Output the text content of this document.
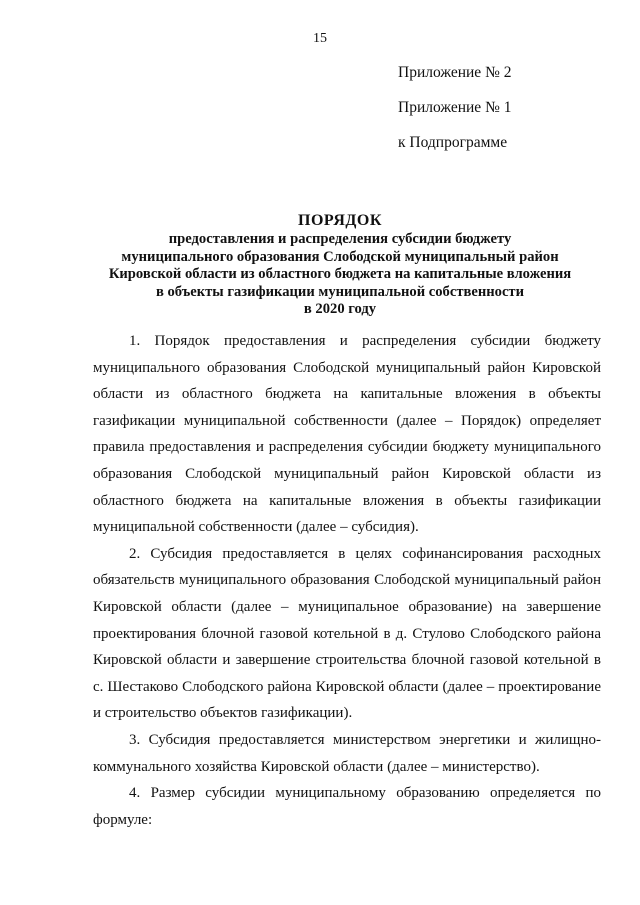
15
Приложение № 2
Приложение № 1
к Подпрограмме
ПОРЯДОК
предоставления и распределения субсидии бюджету
муниципального образования Слободской муниципальный район
Кировской области из областного бюджета на капитальные вложения
в объекты газификации муниципальной собственности
в 2020 году

1. Порядок предоставления и распределения субсидии бюджету муниципального образования Слободской муниципальный район Кировской области из областного бюджета на капитальные вложения в объекты газификации муниципальной собственности (далее – Порядок) определяет правила предоставления и распределения субсидии бюджету муниципального образования Слободской муниципальный район Кировской области из областного бюджета на капитальные вложения в объекты газификации муниципальной собственности (далее – субсидия).

2. Субсидия предоставляется в целях софинансирования расходных обязательств муниципального образования Слободской муниципальный район Кировской области (далее – муниципальное образование) на завершение проектирования блочной газовой котельной в д. Стулово Слободского района Кировской области и завершение строительства блочной газовой котельной в с. Шестаково Слободского района Кировской области (далее – проектирование и строительство объектов газификации).

3. Субсидия предоставляется министерством энергетики и жилищно-коммунального хозяйства Кировской области (далее – министерство).

4. Размер субсидии муниципальному образованию определяется по формуле:
